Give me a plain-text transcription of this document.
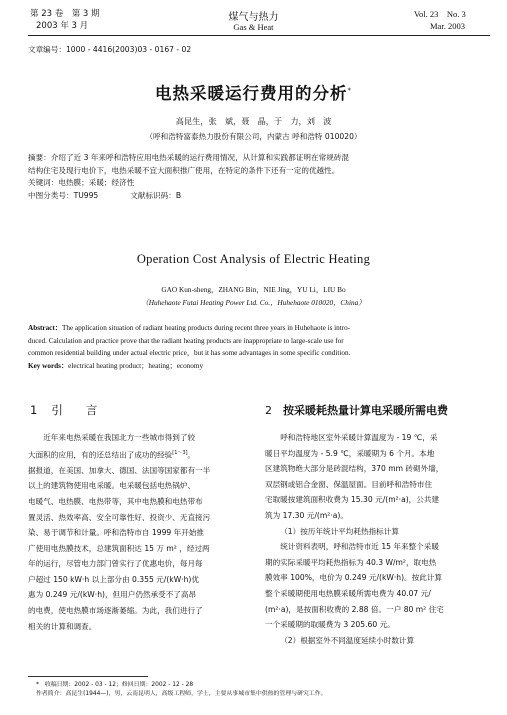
第 23 卷　第 3 期
2003 年 3 月
煤气与热力
Gas & Heat
Vol. 23　No. 3
Mar. 2003
文章编号：1000 - 4416(2003)03 - 0167 - 02
电热采暖运行费用的分析*
高昆生，张　斌，聂　晶，于　力，刘　波
（呼和浩特富泰热力股份有限公司，内蒙古 呼和浩特 010020）
摘要：介绍了近 3 年来呼和浩特应用电热采暖的运行费用情况，从计算和实践都证明在常规砖混
结构住宅及现行电价下，电热采暖不宜大面积推广使用，在特定的条件下还有一定的优越性。
关键词：电热膜；采暖；经济性
中图分类号：TU995	文献标识码：B
Operation Cost Analysis of Electric Heating
GAO Kun-sheng，ZHANG Bin，NIE Jing，YU Li，LIU Bo
（Huhehaote Futai Heating Power Ltd. Co.，Huhehaote 010020，China）
Abstract：The application situation of radiant heating products during recent three years in Huhehaote is intro-
duced. Calculation and practice prove that the radiant heating products are inappropriate to large-scale use for
common residential building under actual electric price，but it has some advantages in some specific condition.
Key words：electrical heating product；heating；economy
1 引　　言	2 按采暖耗热量计算电采暖所需电费
近年来电热采暖在我国北方一些城市得到了较
大面积的应用，有的还总结出了成功的经验[1～3]。
据报道，在美国、加拿大、德国、法国等国家都有一半
以上的建筑物使用电采暖。电采暖包括电热锅炉、
电暖气、电热膜、电热带等，其中电热膜和电热带布
置灵活、热效率高、安全可靠性好、投资少、无直接污
染、易于调节和计量。呼和浩特市自 1999 年开始推
广使用电热膜技术，总建筑面积达 15 万 m² ，经过两
年的运行，尽管电力部门曾实行了优惠电价，每月每
户超过 150 kW·h 以上部分由 0.355 元/(kW·h)优
惠为 0.249 元/(kW·h)，但用户仍然承受不了高昂
的电费，使电热膜市场逐渐萎缩。为此，我们进行了
相关的计算和调查。
呼和浩特地区室外采暖计算温度为 - 19 ℃，采
暖日平均温度为 - 5.9 ℃，采暖期为 6 个月。本地
区建筑物绝大部分是砖混结构，370 mm 砖砌外墙，
双层钢或铝合金窗、保温屋面。目前呼和浩特市住
宅取暖按建筑面积收费为 15.30 元/(m²·a)，公共建
筑为 17.30 元/(m²·a)。
（1）按历年统计平均耗热指标计算
统计资料表明，呼和浩特市近 15 年来整个采暖
期的实际采暖平均耗热指标为 40.3 W/m²，取电热
膜效率 100%，电价为 0.249 元/(kW·h)。按此计算
整个采暖期使用电热膜采暖所需电费为 40.07 元/
(m²·a)，是按面积收费的 2.88 倍。一户 80 m² 住宅
一个采暖期的取暖费为 3 205.60 元。
（2）根据室外不同温度延续小时数计算
*　收稿日期：2002 - 03 - 12；修回日期：2002 - 12 - 28
作者简介：高昆生(1944—)，男，云南昆明人，高级工程师，学士，主要从事城市集中供热的管理与研究工作。
